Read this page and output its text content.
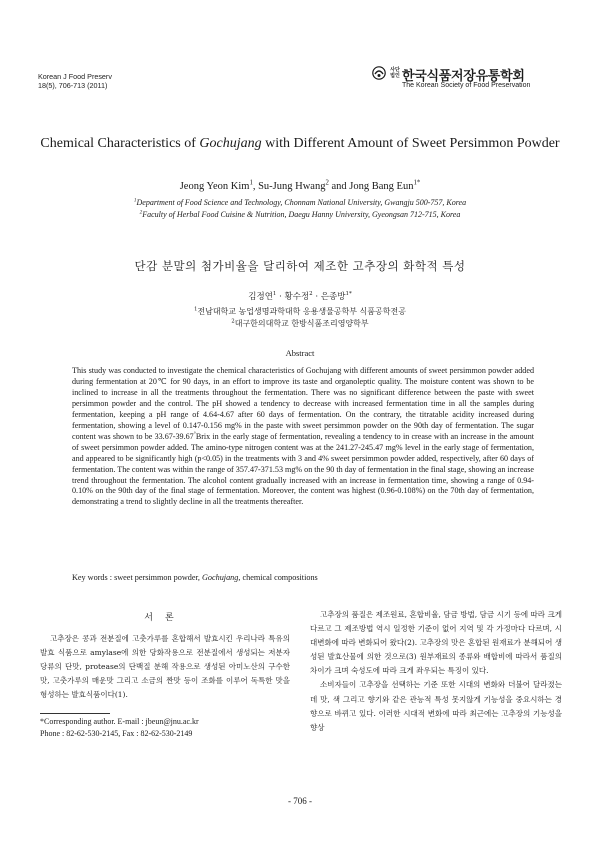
Korean J Food Preserv
18(5), 706-713 (2011)
사단법인 한국식품저장유통학회
The Korean Society of Food Preservation
Chemical Characteristics of Gochujang with Different Amount of Sweet Persimmon Powder
Jeong Yeon Kim$^1$, Su-Jung Hwang$^2$ and Jong Bang Eun$^{1*}$
$^1$Department of Food Science and Technology, Chonnam National University, Gwangju 500-757, Korea
$^2$Faculty of Herbal Food Cuisine & Nutrition, Daegu Hanny University, Gyeongsan 712-715, Korea
단감 분말의 첨가비율을 달리하여 제조한 고추장의 화학적 특성
김정연$^1$ · 황수정$^2$ · 은종방$^{1*}$
$^1$전남대학교 농업생명과학대학 응용생물공학부 식품공학전공
$^2$대구한의대학교 한방식품조리영양학부
Abstract
This study was conducted to investigate the chemical characteristics of Gochujang with different amounts of sweet persimmon powder added during fermentation at 20℃ for 90 days, in an effort to improve its taste and organoleptic quality. The moisture content was shown to be inclined to increase in all the treatments throughout the fermentation. There was no significant difference between the paste with sweet persimmon powder and the control. The pH showed a tendency to decrease with increased fermentation time in all the samples during fermentation, keeping a pH range of 4.64-4.67 after 60 days of fermentation. On the contrary, the titratable acidity increased during fermentation, showing a level of 0.147-0.156 mg% in the paste with sweet persimmon powder on the 90th day of fermentation. The sugar content was shown to be 33.67-39.67°Brix in the early stage of fermentation, revealing a tendency to in crease with an increase in the amount of sweet persimmon powder added. The amino-type nitrogen content was at the 241.27-245.47 mg% level in the early stage of fermentation, and appeared to be significantly high (p<0.05) in the treatments with 3 and 4% sweet persimmon powder added, respectively, after 60 days of fermentation. The content was within the range of 357.47-371.53 mg% on the 90 th day of fermentation in the final stage, showing an increase trend throughout the fermentation. The alcohol content gradually increased with an increase in fermentation time, showing a range of 0.94-0.10% on the 90th day of the final stage of fermentation. Moreover, the content was highest (0.96-0.108%) on the 70th day of fermentation, demonstrating a trend to slightly decline in all the treatments thereafter.
Key words : sweet persimmon powder, Gochujang, chemical compositions
서론
고추장은 콩과 전분질에 고춧가루를 혼합해서 발효시킨 우리나라 특유의 발효 식품으로 amylase에 의한 당화작용으로 전분질에서 생성되는 저분자 당류의 단맛, protease의 단백질 분해 작용으로 생성된 아미노산의 구수한 맛, 고춧가루의 매운맛 그리고 소금의 짠맛 등이 조화를 이루어 독특한 맛을 형성하는 발효식품이다(1).

고추장의 품질은 제조원료, 혼합비율, 담금 방법, 담금 시기 등에 따라 크게 다르고 그 제조방법 역시 일정한 기준이 없어 지역 및 각 가정마다 다르며, 시대변화에 따라 변화되어 왔다(2). 고추장의 맛은 혼합된 원재료가 분해되어 생성된 발효산물에 의한 것으로(3) 원부재료의 종류와 배합비에 따라서 품질의 차이가 크며 숙성도에 따라 크게 좌우되는 특징이 있다.

소비자들이 고추장을 선택하는 기준 또한 시대의 변화와 더불어 달라졌는데 맛, 색 그리고 향기와 같은 관능적 특성 못지않게 기능성을 중요시하는 경향으로 바뀌고 있다. 이러한 시대적 변화에 따라 최근에는 고추장의 기능성을 향상

*Corresponding author. E-mail : jbeun@jnu.ac.kr
Phone : 82-62-530-2145, Fax : 82-62-530-2149
- 706 -
